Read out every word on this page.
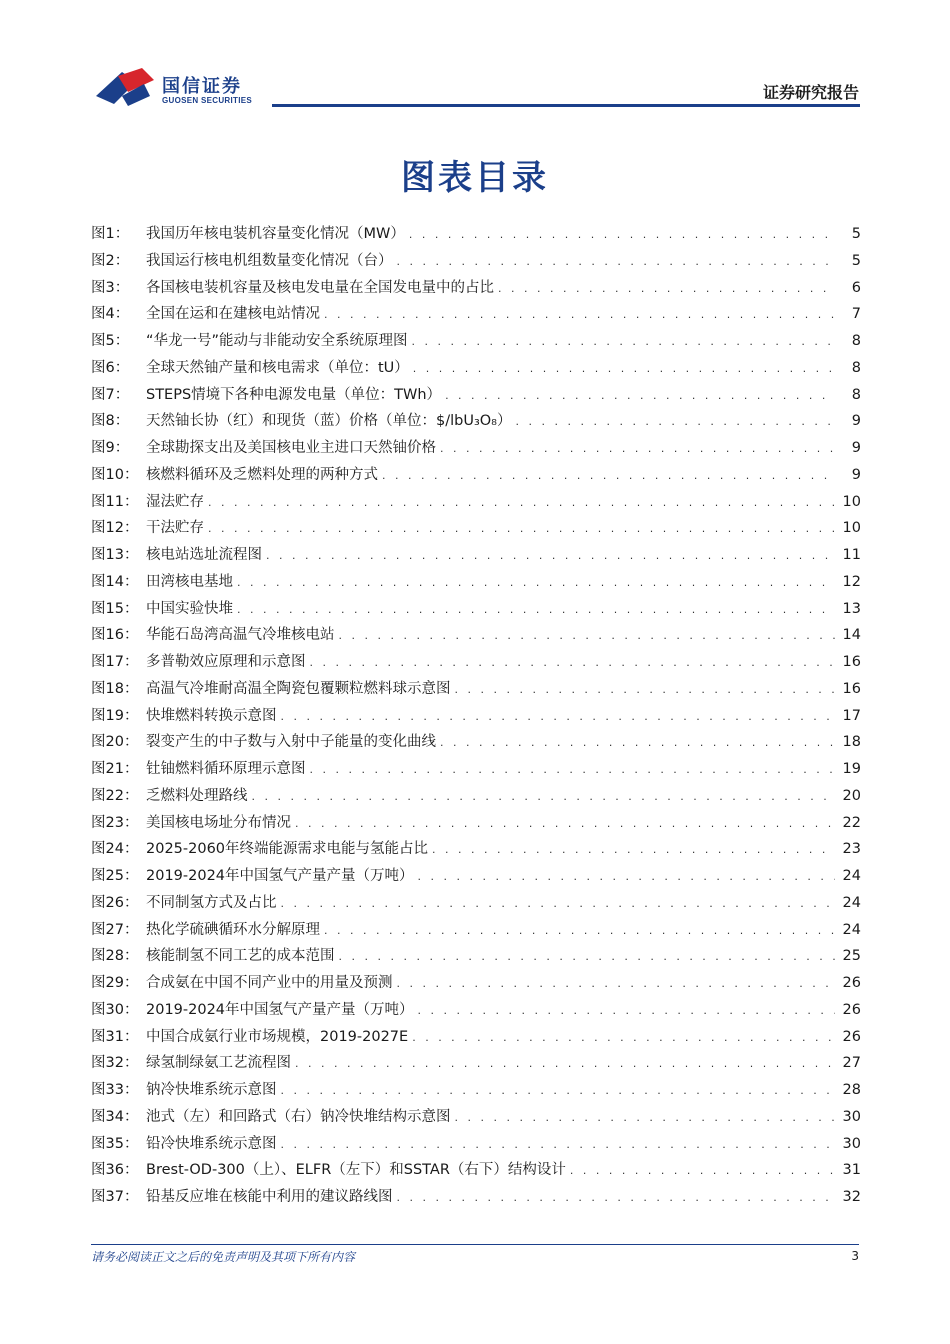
国信证券
GUOSEN SECURITIES	证券研究报告
图表目录
图1：	我国历年核电装机容量变化情况（MW） . . .	5
图2：	我国运行核电机组数量变化情况（台） . . .	5
图3：	各国核电装机容量及核电发电量在全国发电量中的占比 . . .	6
图4：	全国在运和在建核电站情况 . . .	7
图5：	“华龙一号”能动与非能动安全系统原理图 . . .	8
图6：	全球天然铀产量和核电需求（单位：tU） . . .	8
图7：	STEPS情境下各种电源发电量（单位：TWh） . . .	8
图8：	天然铀长协（红）和现货（蓝）价格（单位：$/lbU₃O₈） . . .	9
图9：	全球勘探支出及美国核电业主进口天然铀价格 . . .	9
图10： 核燃料循环及乏燃料处理的两种方式 . . .	9
图11： 湿法贮存 . . .	10
图12： 干法贮存 . . .	10
图13： 核电站选址流程图 . . .	11
图14： 田湾核电基地 . . .	12
图15： 中国实验快堆 . . .	13
图16： 华能石岛湾高温气冷堆核电站 . . .	14
图17： 多普勒效应原理和示意图 . . .	16
图18： 高温气冷堆耐高温全陶瓷包覆颗粒燃料球示意图 . . .	16
图19： 快堆燃料转换示意图 . . .	17
图20： 裂变产生的中子数与入射中子能量的变化曲线 . . .	18
图21： 钍铀燃料循环原理示意图 . . .	19
图22： 乏燃料处理路线 . . .	20
图23： 美国核电场址分布情况 . . .	22
图24： 2025-2060年终端能源需求电能与氢能占比 . . .	23
图25： 2019-2024年中国氢气产量产量（万吨） . . .	24
图26： 不同制氢方式及占比 . . .	24
图27： 热化学硫碘循环水分解原理 . . .	24
图28： 核能制氢不同工艺的成本范围 . . .	25
图29： 合成氨在中国不同产业中的用量及预测 . . .	26
图30： 2019-2024年中国氢气产量产量（万吨） . . .	26
图31： 中国合成氨行业市场规模，2019-2027E . . .	26
图32： 绿氢制绿氨工艺流程图 . . .	27
图33： 钠冷快堆系统示意图 . . .	28
图34： 池式（左）和回路式（右）钠冷快堆结构示意图 . . .	30
图35： 铅冷快堆系统示意图 . . .	30
图36： Brest-OD-300（上）、ELFR（左下）和SSTAR（右下）结构设计 . . .	31
图37： 铅基反应堆在核能中利用的建议路线图 . . .	32
请务必阅读正文之后的免责声明及其项下所有内容	3
